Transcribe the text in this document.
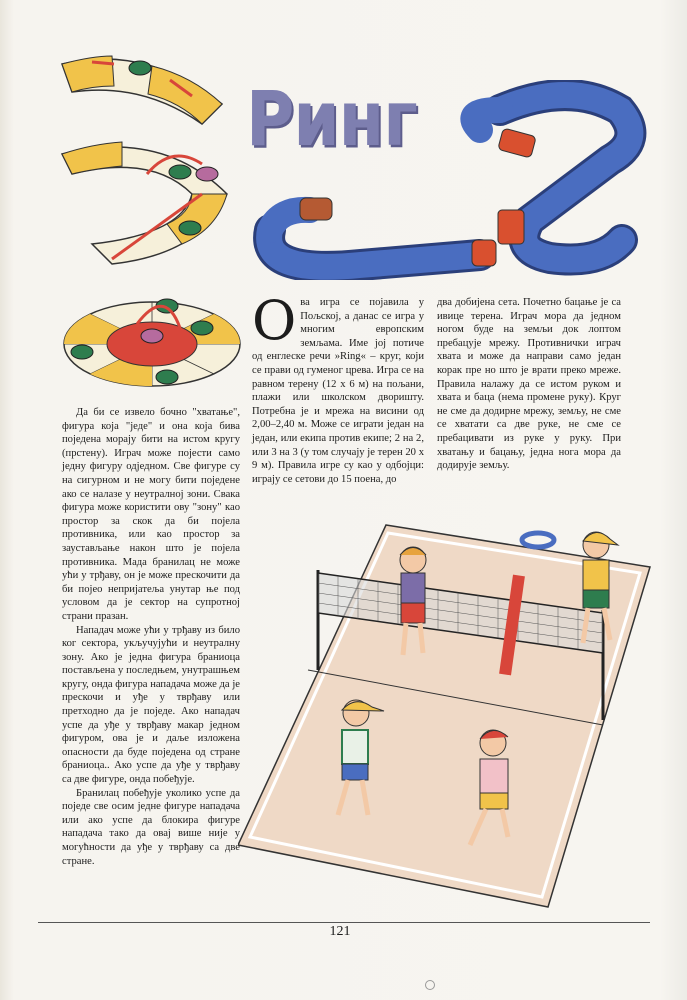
Ринг

Да би се извело бочно "хватање", фигура која "једе" и она која бива поједена морају бити на истом кругу (прстену). Играч може појести само једну фигуру одједном. Све фигуре су на сигурном и не могу бити поједене ако се налазе у неутралној зони. Свака фигура може користити ову "зону" као простор за скок да би појела противника, или као простор за заустављање након што је појела противника. Мада бранилац не може ући у трђаву, он је може прескочити да би појео непријатеља унутар ње под условом да је сектор на супротној страни празан.

Нападач може ући у трђаву из било ког сектора, укључујући и неутралну зону. Ако је једна фигура браниоца постављена у последњем, унутрашњем кругу, онда фигура нападача може да је прескочи и уђе у тврђаву или претходно да је поједе. Ако нападач успе да уђе у тврђаву макар једном фигуром, ова је и даље изложена опасности да буде поједена од стране браниоца.. Ако успе да уђе у тврђаву са две фигуре, онда побеђује.

Бранилац побеђује уколико успе да поједе све осим једне фигуре нападача или ако успе да блокира фигуре нападача тако да овај више није у могућности да уђе у тврђаву са две стране.

О ва игра се појавила у Пољској, а данас се игра у многим европским земљама. Име јој потиче од енглеске речи »Ring« – круг, који се прави од гуменог црева. Игра се на равном терену (12 х 6 м) на пољани, плажи или школском дворишту. Потребна је и мрежа на висини од 2,00–2,40 м. Може се играти један на један, или екипа против екипе; 2 на 2, или 3 на 3 (у том случају је терен 20 х 9 м). Правила игре су као у одбојци: играју се сетови до 15 поена, до

два добијена сета. Почетно бацање је са ивице терена. Играч мора да једном ногом буде на земљи док лоптом пребацује мрежу. Противнички играч хвата и може да направи само један корак пре но што је врати преко мреже. Правила налажу да се истом руком и хвата и баца (нема промене руку). Круг не сме да додирне мрежу, земљу, не сме се хватати са две руке, не сме се пребацивати из руке у руку. При хватању и бацању, једна нога мора да додирује земљу.

121
